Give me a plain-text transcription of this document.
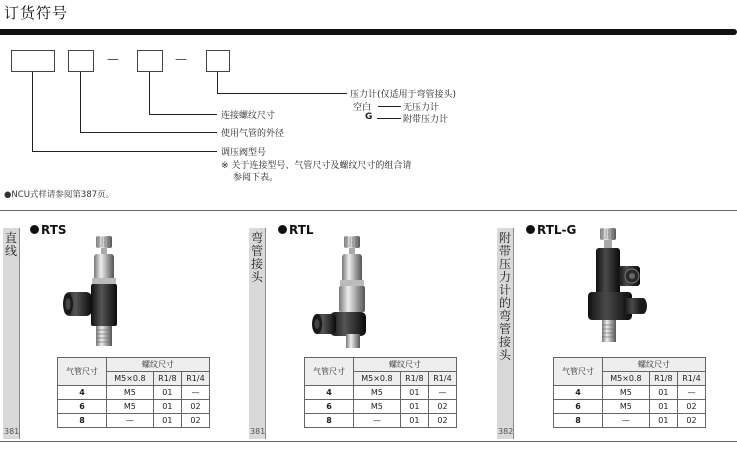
订货符号
—	—
压力计(仅适用于弯管接头)
空白	无压力计
G	附带压力计
连接螺纹尺寸
使用气管的外径
调压阀型号
※ 关于连接型号、气管尺寸及螺纹尺寸的组合请
参阅下表。
●NCU式样请参阅第387页。
直线
381
RTS
气管尺寸	螺纹尺寸		
	M5×0.8	R1/8	R1/4
4	M5	01	—
6	M5	01	02
8	—	01	02
弯管接头
381
RTL
气管尺寸	螺纹尺寸		
	M5×0.8	R1/8	R1/4
4	M5	01	—
6	M5	01	02
8	—	01	02
附带压力计的弯管接头
382
RTL-G
气管尺寸	螺纹尺寸		
	M5×0.8	R1/8	R1/4
4	M5	01	—
6	M5	01	02
8	—	01	02
